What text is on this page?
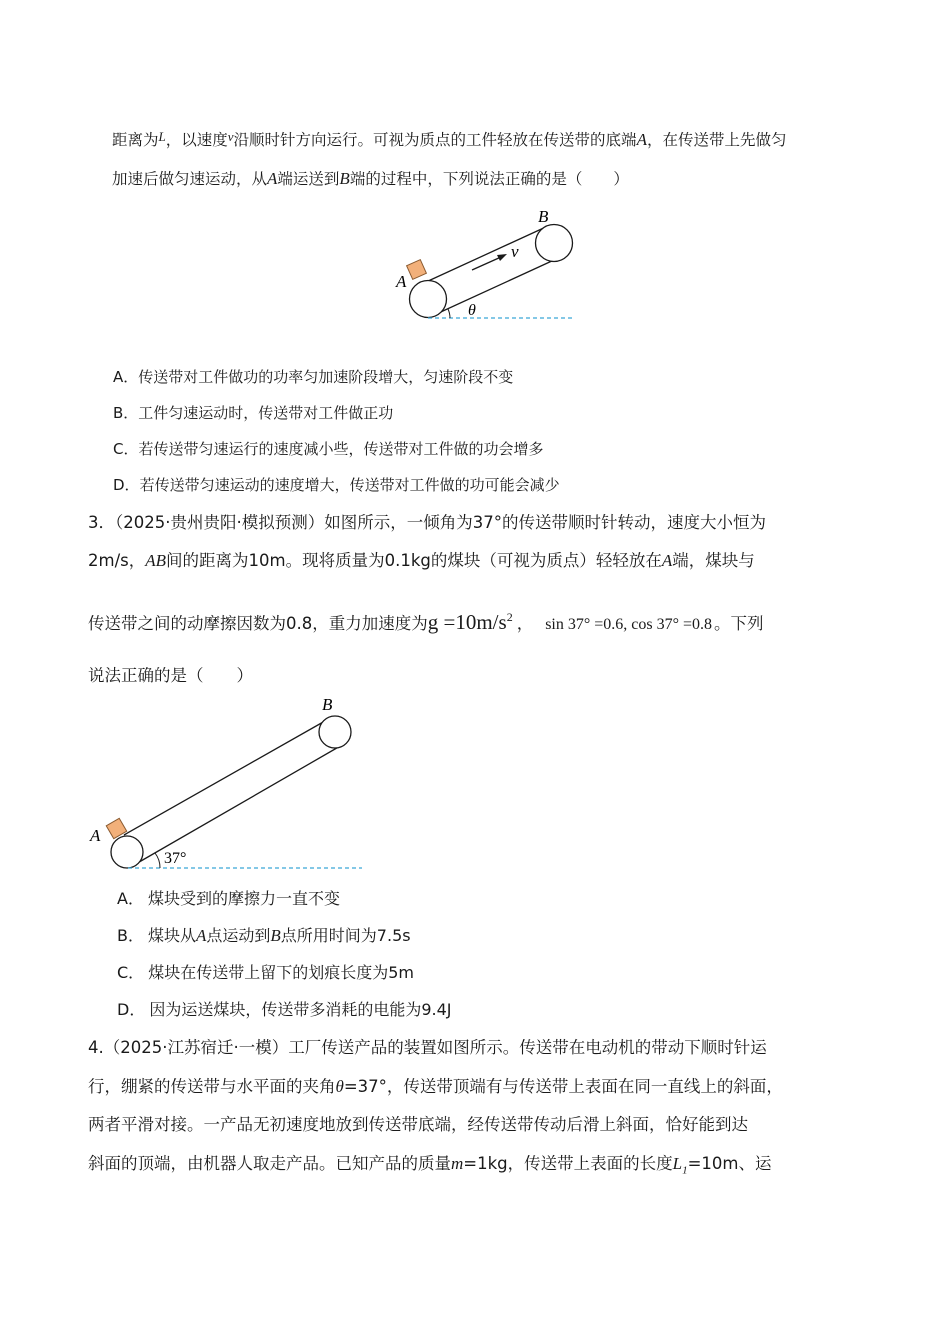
距离为$^L$，以速度$^v$沿顺时针方向运行。可视为质点的工件轻放在传送带的底端A，在传送带上先做匀
加速后做匀速运动，从A端运送到B端的过程中，下列说法正确的是（　　）
A
B
v
θ
A．传送带对工件做功的功率匀加速阶段增大，匀速阶段不变
B．工件匀速运动时，传送带对工件做正功
C．若传送带匀速运行的速度减小些，传送带对工件做的功会增多
D．若传送带匀速运动的速度增大，传送带对工件做的功可能会减少
3．（2025·贵州贵阳·模拟预测）如图所示，一倾角为37°的传送带顺时针转动，速度大小恒为
2m/s，AB间的距离为10m。现将质量为0.1kg的煤块（可视为质点）轻轻放在A端，煤块与
传送带之间的动摩擦因数为0.8，重力加速度为$g =10m/s^2$ ， sin 37° =0.6, cos 37° =0.8 。下列
说法正确的是（　　）
A
B
37°
A． 煤块受到的摩擦力一直不变
B． 煤块从A点运动到B点所用时间为7.5s
C． 煤块在传送带上留下的划痕长度为5m
D． 因为运送煤块，传送带多消耗的电能为9.4J
4.（2025·江苏宿迁·一模）工厂传送产品的装置如图所示。传送带在电动机的带动下顺时针运
行，绷紧的传送带与水平面的夹角θ=37°，传送带顶端有与传送带上表面在同一直线上的斜面，
两者平滑对接。一产品无初速度地放到传送带底端，经传送带传动后滑上斜面，恰好能到达
斜面的顶端，由机器人取走产品。已知产品的质量m=1kg，传送带上表面的长度$L_1=10m$、运
